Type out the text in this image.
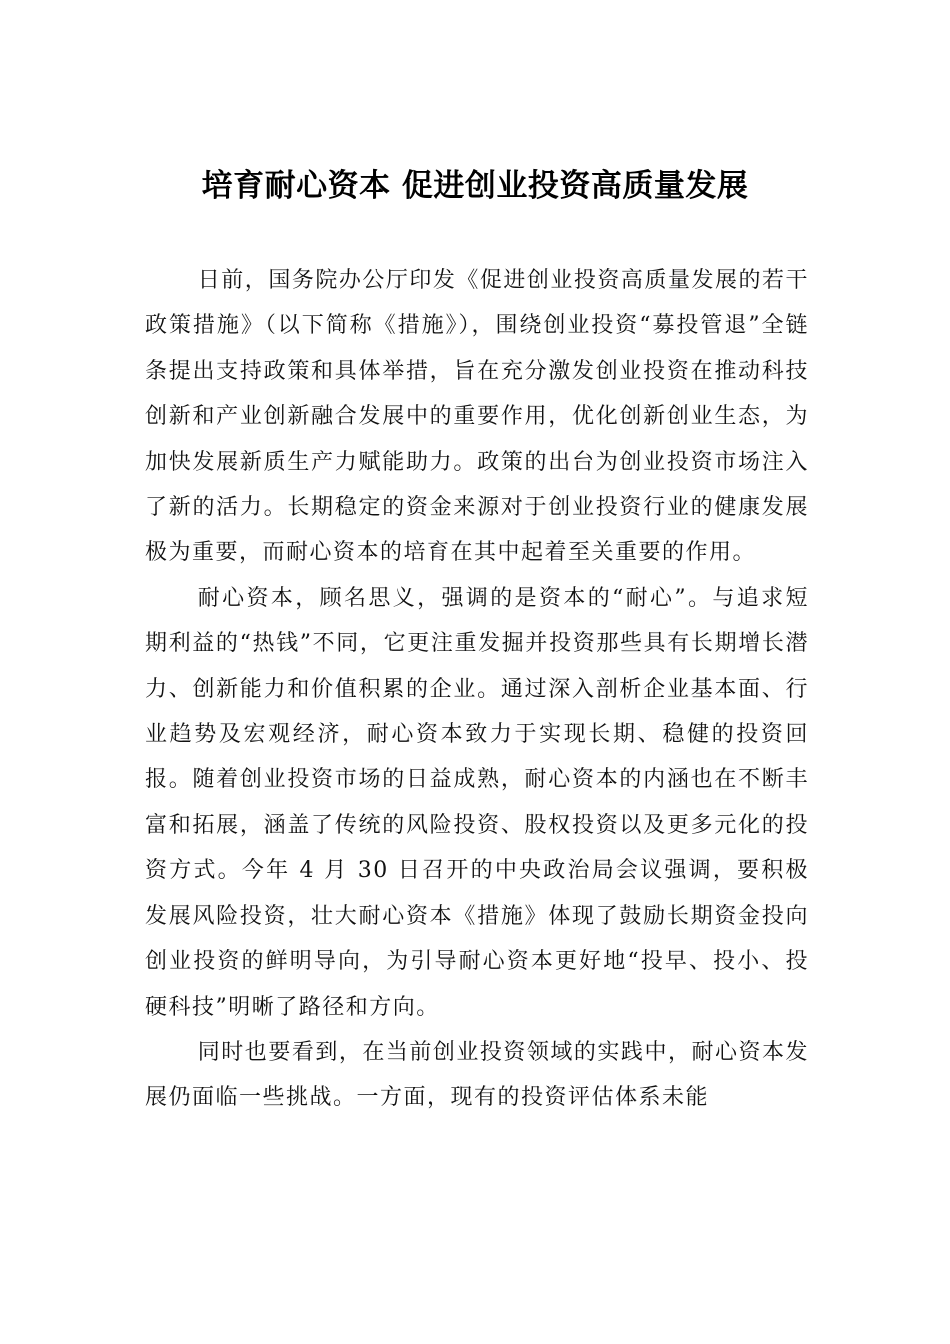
培育耐心资本 促进创业投资高质量发展

日前，国务院办公厅印发《促进创业投资高质量发展的若干政策措施》（以下简称《措施》），围绕创业投资“募投管退”全链条提出支持政策和具体举措，旨在充分激发创业投资在推动科技创新和产业创新融合发展中的重要作用，优化创新创业生态，为加快发展新质生产力赋能助力。政策的出台为创业投资市场注入了新的活力。长期稳定的资金来源对于创业投资行业的健康发展极为重要，而耐心资本的培育在其中起着至关重要的作用。

耐心资本，顾名思义，强调的是资本的“耐心”。与追求短期利益的“热钱”不同，它更注重发掘并投资那些具有长期增长潜力、创新能力和价值积累的企业。通过深入剖析企业基本面、行业趋势及宏观经济，耐心资本致力于实现长期、稳健的投资回报。随着创业投资市场的日益成熟，耐心资本的内涵也在不断丰富和拓展，涵盖了传统的风险投资、股权投资以及更多元化的投资方式。今年 4 月 30 日召开的中央政治局会议强调，要积极发展风险投资，壮大耐心资本《措施》体现了鼓励长期资金投向创业投资的鲜明导向，为引导耐心资本更好地“投早、投小、投硬科技”明晰了路径和方向。

同时也要看到，在当前创业投资领域的实践中，耐心资本发展仍面临一些挑战。一方面，现有的投资评估体系未能
